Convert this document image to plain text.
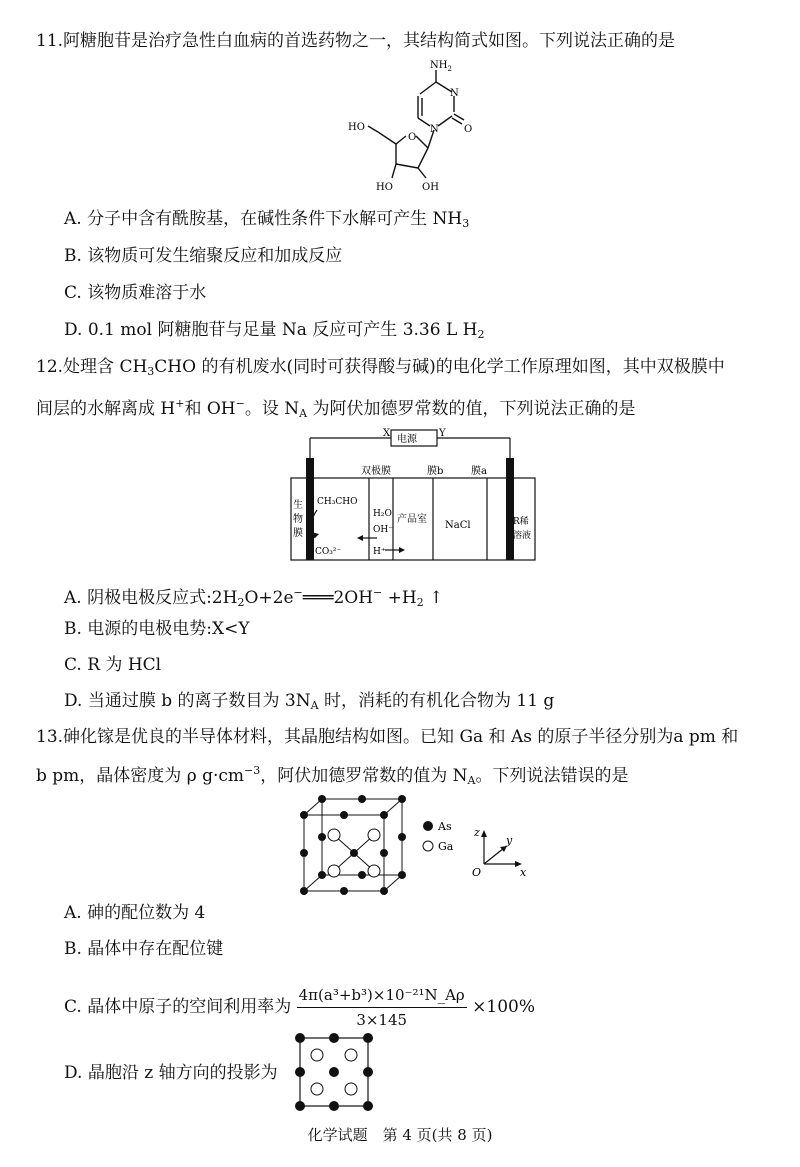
11.阿糖胞苷是治疗急性白血病的首选药物之一，其结构简式如图。下列说法正确的是
$NH_2$
N
N	O
O
HO
HO	OH
A. 分子中含有酰胺基，在碱性条件下水解可产生 $NH_3$
B. 该物质可发生缩聚反应和加成反应
C. 该物质难溶于水
D. 0.1 mol 阿糖胞苷与足量 Na 反应可产生 3.36 L $H_2$
12.处理含 $CH_3CHO$ 的有机废水(同时可获得酸与碱)的电化学工作原理如图，其中双极膜中
间层的水解离成 H+和 OH−。设 $N_A$ 为阿伏加德罗常数的值，下列说法正确的是
X	Y
电源
双极膜	膜b	膜a
生
物
膜
CH₃CHO
CO₃²⁻
H₂O
OH⁻
H⁺
产品室
NaCl	R稀
溶液
A. 阴极电极反应式$:2H_2O+2e^-═══2OH^- +H_2$ ↑
B. 电源的电极电势:X<Y
C. R 为 HCl
D. 当通过膜 b 的离子数目为 $3N_A$ 时，消耗的有机化合物为 11 g
13.砷化镓是优良的半导体材料，其晶胞结构如图。已知 Ga 和 As 的原子半径分别为a pm 和
b pm，晶体密度为 ρ $g\cdot cm^{-3}$，阿伏加德罗常数的值为 $N_A$。下列说法错误的是
As
Ga
z
y
x
O
A. 砷的配位数为 4
B. 晶体中存在配位键
C. 晶体中原子的空间利用率为 $\frac{\text{4π(a³+b³)×10⁻²¹N\_Aρ}}{3\times 145} \times 100\%$
D. 晶胞沿 z 轴方向的投影为
化学试题　第 4 页(共 8 页)
